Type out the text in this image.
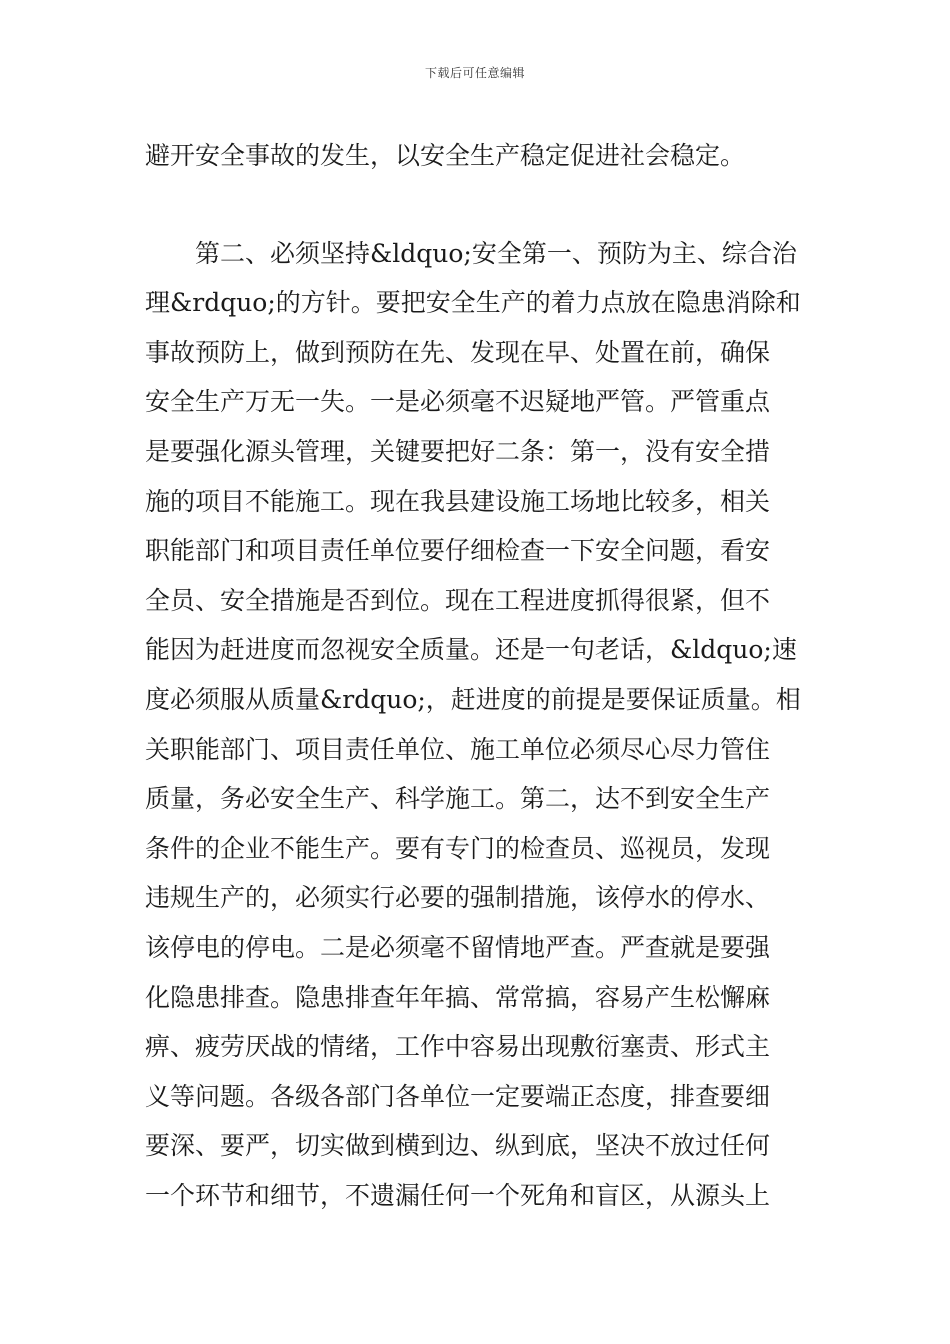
下载后可任意编辑
避开安全事故的发生，以安全生产稳定促进社会稳定。
第二、必须坚持&ldquo;安全第一、预防为主、综合治
理&rdquo;的方针。要把安全生产的着力点放在隐患消除和
事故预防上，做到预防在先、发现在早、处置在前，确保
安全生产万无一失。一是必须毫不迟疑地严管。严管重点
是要强化源头管理，关键要把好二条：第一，没有安全措
施的项目不能施工。现在我县建设施工场地比较多，相关
职能部门和项目责任单位要仔细检查一下安全问题，看安
全员、安全措施是否到位。现在工程进度抓得很紧，但不
能因为赶进度而忽视安全质量。还是一句老话，&ldquo;速
度必须服从质量&rdquo;，赶进度的前提是要保证质量。相
关职能部门、项目责任单位、施工单位必须尽心尽力管住
质量，务必安全生产、科学施工。第二，达不到安全生产
条件的企业不能生产。要有专门的检查员、巡视员，发现
违规生产的，必须实行必要的强制措施，该停水的停水、
该停电的停电。二是必须毫不留情地严查。严查就是要强
化隐患排查。隐患排查年年搞、常常搞，容易产生松懈麻
痹、疲劳厌战的情绪，工作中容易出现敷衍塞责、形式主
义等问题。各级各部门各单位一定要端正态度，排查要细
要深、要严，切实做到横到边、纵到底，坚决不放过任何
一个环节和细节，不遗漏任何一个死角和盲区，从源头上
